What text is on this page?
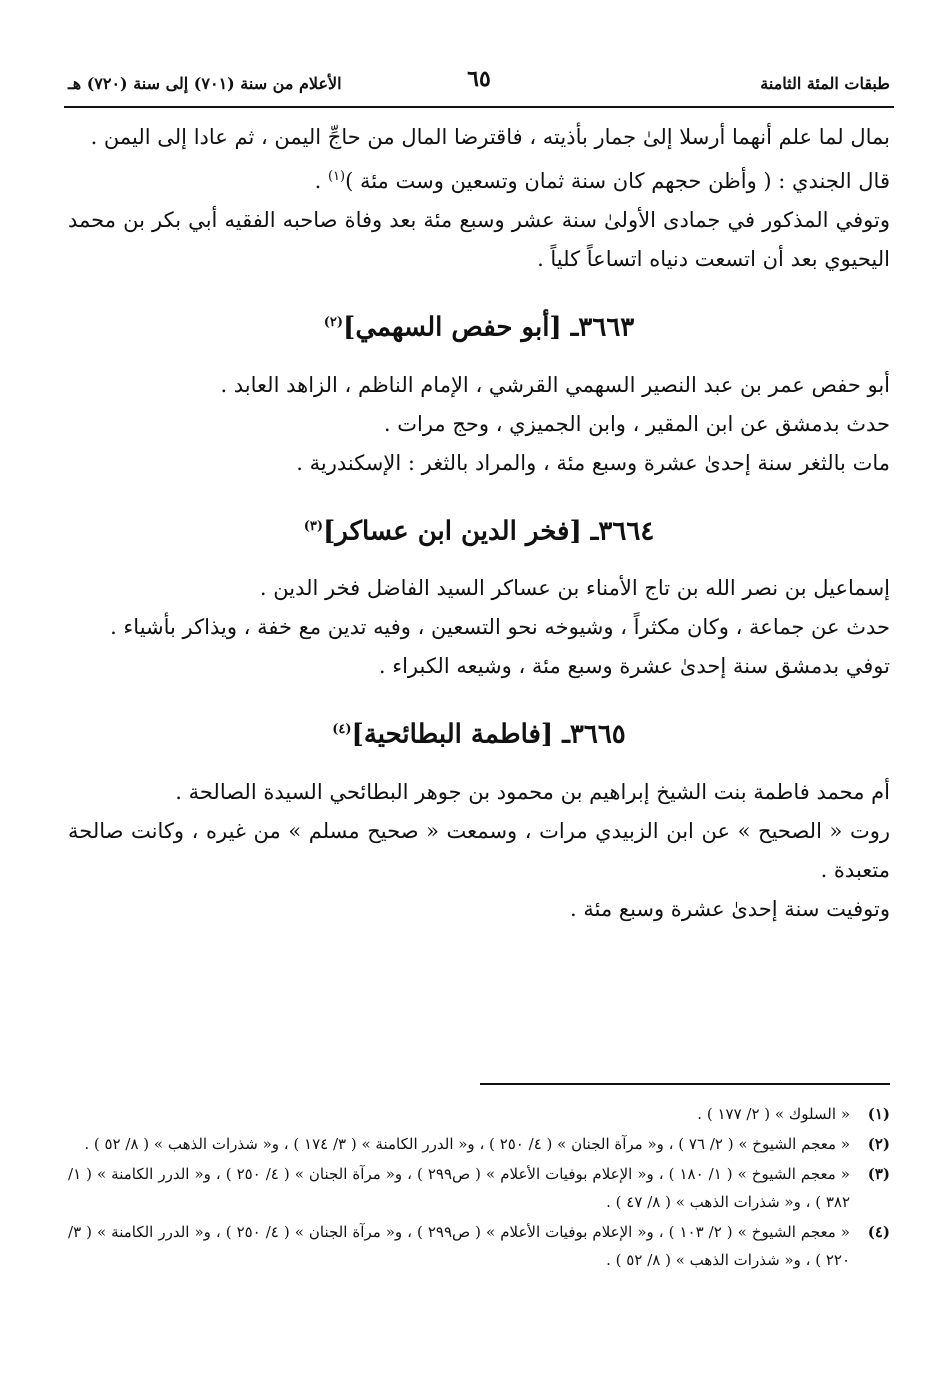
طبقات المئة الثامنة
٦٥
الأعلام من سنة (٧٠١) إلى سنة (٧٢٠) هـ

بمال لما علم أنهما أرسلا إلىٰ جمار بأذيته ، فاقترضا المال من حاجِّ اليمن ، ثم عادا إلى اليمن .

قال الجندي : ( وأظن حجهم كان سنة ثمان وتسعين وست مئة )$^{(١)}$ .

وتوفي المذكور في جمادى الأولىٰ سنة عشر وسبع مئة بعد وفاة صاحبه الفقيه أبي بكر بن محمد اليحيوي بعد أن اتسعت دنياه اتساعاً كلياً .

٣٦٦٣ـ [أبو حفص السهمي]$^{(٢)}$

أبو حفص عمر بن عبد النصير السهمي القرشي ، الإمام الناظم ، الزاهد العابد .

حدث بدمشق عن ابن المقير ، وابن الجميزي ، وحج مرات .

مات بالثغر سنة إحدىٰ عشرة وسبع مئة ، والمراد بالثغر : الإسكندرية .

٣٦٦٤ـ [فخر الدين ابن عساكر]$^{(٣)}$

إسماعيل بن نصر الله بن تاج الأمناء بن عساكر السيد الفاضل فخر الدين .

حدث عن جماعة ، وكان مكثراً ، وشيوخه نحو التسعين ، وفيه تدين مع خفة ، ويذاكر بأشياء .

توفي بدمشق سنة إحدىٰ عشرة وسبع مئة ، وشيعه الكبراء .

٣٦٦٥ـ [فاطمة البطائحية]$^{(٤)}$

أم محمد فاطمة بنت الشيخ إبراهيم بن محمود بن جوهر البطائحي السيدة الصالحة .

روت « الصحيح » عن ابن الزبيدي مرات ، وسمعت « صحيح مسلم » من غيره ، وكانت صالحة متعبدة .

وتوفيت سنة إحدىٰ عشرة وسبع مئة .

(١)
« السلوك » ( ٢/ ١٧٧ ) .
(٢)
« معجم الشيوخ » ( ٢/ ٧٦ ) ، و« مرآة الجنان » ( ٤/ ٢٥٠ ) ، و« الدرر الكامنة » ( ٣/ ١٧٤ ) ، و« شذرات الذهب » ( ٨/ ٥٢ ) .
(٣)
« معجم الشيوخ » ( ١/ ١٨٠ ) ، و« الإعلام بوفيات الأعلام » ( ص٢٩٩ ) ، و« مرآة الجنان » ( ٤/ ٢٥٠ ) ، و« الدرر الكامنة » ( ١/ ٣٨٢ ) ، و« شذرات الذهب » ( ٨/ ٤٧ ) .
(٤)
« معجم الشيوخ » ( ٢/ ١٠٣ ) ، و« الإعلام بوفيات الأعلام » ( ص٢٩٩ ) ، و« مرآة الجنان » ( ٤/ ٢٥٠ ) ، و« الدرر الكامنة » ( ٣/ ٢٢٠ ) ، و« شذرات الذهب » ( ٨/ ٥٢ ) .
